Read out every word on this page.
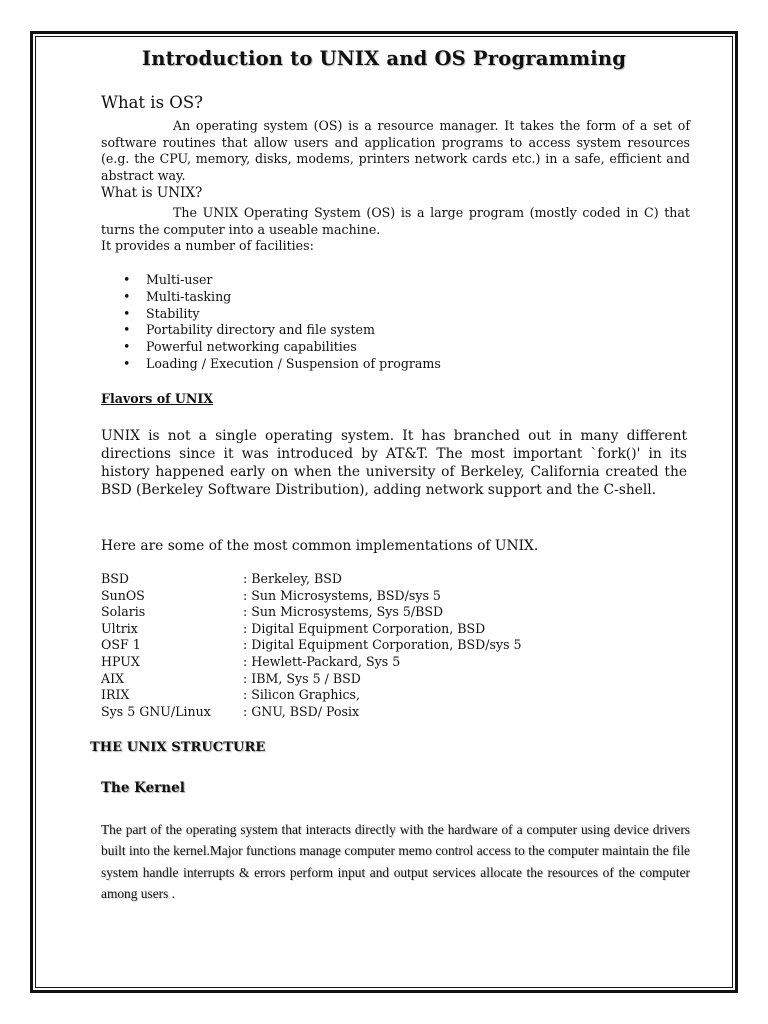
Introduction to UNIX and OS Programming
What is OS?

An operating system (OS) is a resource manager. It takes the form of a set of software routines that allow users and application programs to access system resources (e.g. the CPU, memory, disks, modems, printers network cards etc.) in a safe, efficient and abstract way.

What is UNIX?

The UNIX Operating System (OS) is a large program (mostly coded in C) that turns the computer into a useable machine.

It provides a number of facilities:

• Multi-user
• Multi-tasking
• Stability
• Portability directory and file system
• Powerful networking capabilities
• Loading / Execution / Suspension of programs
Flavors of UNIX

UNIX is not a single operating system. It has branched out in many different directions since it was introduced by AT&T. The most important `fork()' in its history happened early on when the university of Berkeley, California created the BSD (Berkeley Software Distribution), adding network support and the C-shell.

Here are some of the most common implementations of UNIX.

BSD	: Berkeley, BSD
SunOS	: Sun Microsystems, BSD/sys 5
Solaris	: Sun Microsystems, Sys 5/BSD
Ultrix	: Digital Equipment Corporation, BSD
OSF 1	: Digital Equipment Corporation, BSD/sys 5
HPUX	: Hewlett-Packard, Sys 5
AIX	: IBM, Sys 5 / BSD
IRIX	: Silicon Graphics,
Sys 5 GNU/Linux	: GNU, BSD/ Posix
THE UNIX STRUCTURE
The Kernel

The part of the operating system that interacts directly with the hardware of a computer using device drivers built into the kernel.Major functions manage computer memo control access to the computer maintain the file system handle interrupts & errors perform input and output services allocate the resources of the computer among users .
